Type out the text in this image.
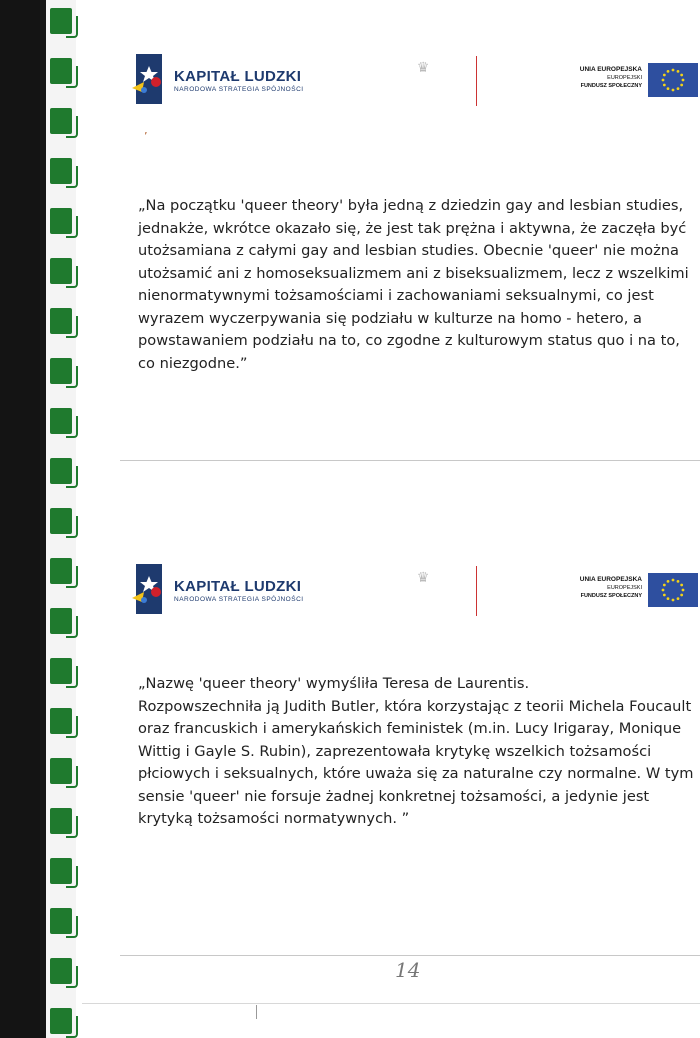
KAPITAŁ LUDZKI
NARODOWA STRATEGIA SPÓJNOŚCI
♛	UNIA EUROPEJSKA
EUROPEJSKI
FUNDUSZ SPOŁECZNY
ʼ

„Na początku 'queer theory' była jedną z dziedzin gay and lesbian studies, jednakże, wkrótce okazało się, że jest tak prężna i aktywna, że zaczęła być utożsamiana z całymi gay and lesbian studies. Obecnie 'queer' nie można utożsamić ani z homoseksualizmem ani z biseksualizmem, lecz z wszelkimi nienormatywnymi tożsamościami i zachowaniami seksualnymi, co jest wyrazem wyczerpywania się podziału w kulturze na homo - hetero, a powstawaniem podziału na to, co zgodne z kulturowym status quo i na to, co niezgodne.”

KAPITAŁ LUDZKI
NARODOWA STRATEGIA SPÓJNOŚCI
♛	UNIA EUROPEJSKA
EUROPEJSKI
FUNDUSZ SPOŁECZNY

„Nazwę 'queer theory' wymyśliła Teresa de Laurentis.

Rozpowszechniła ją Judith Butler, która korzystając z teorii Michela Foucault oraz francuskich i amerykańskich feministek (m.in. Lucy Irigaray, Monique Wittig i Gayle S. Rubin), zaprezentowała krytykę wszelkich tożsamości płciowych i seksualnych, które uważa się za naturalne czy normalne. W tym sensie 'queer' nie forsuje żadnej konkretnej tożsamości, a jedynie jest krytyką tożsamości normatywnych. ”

14
